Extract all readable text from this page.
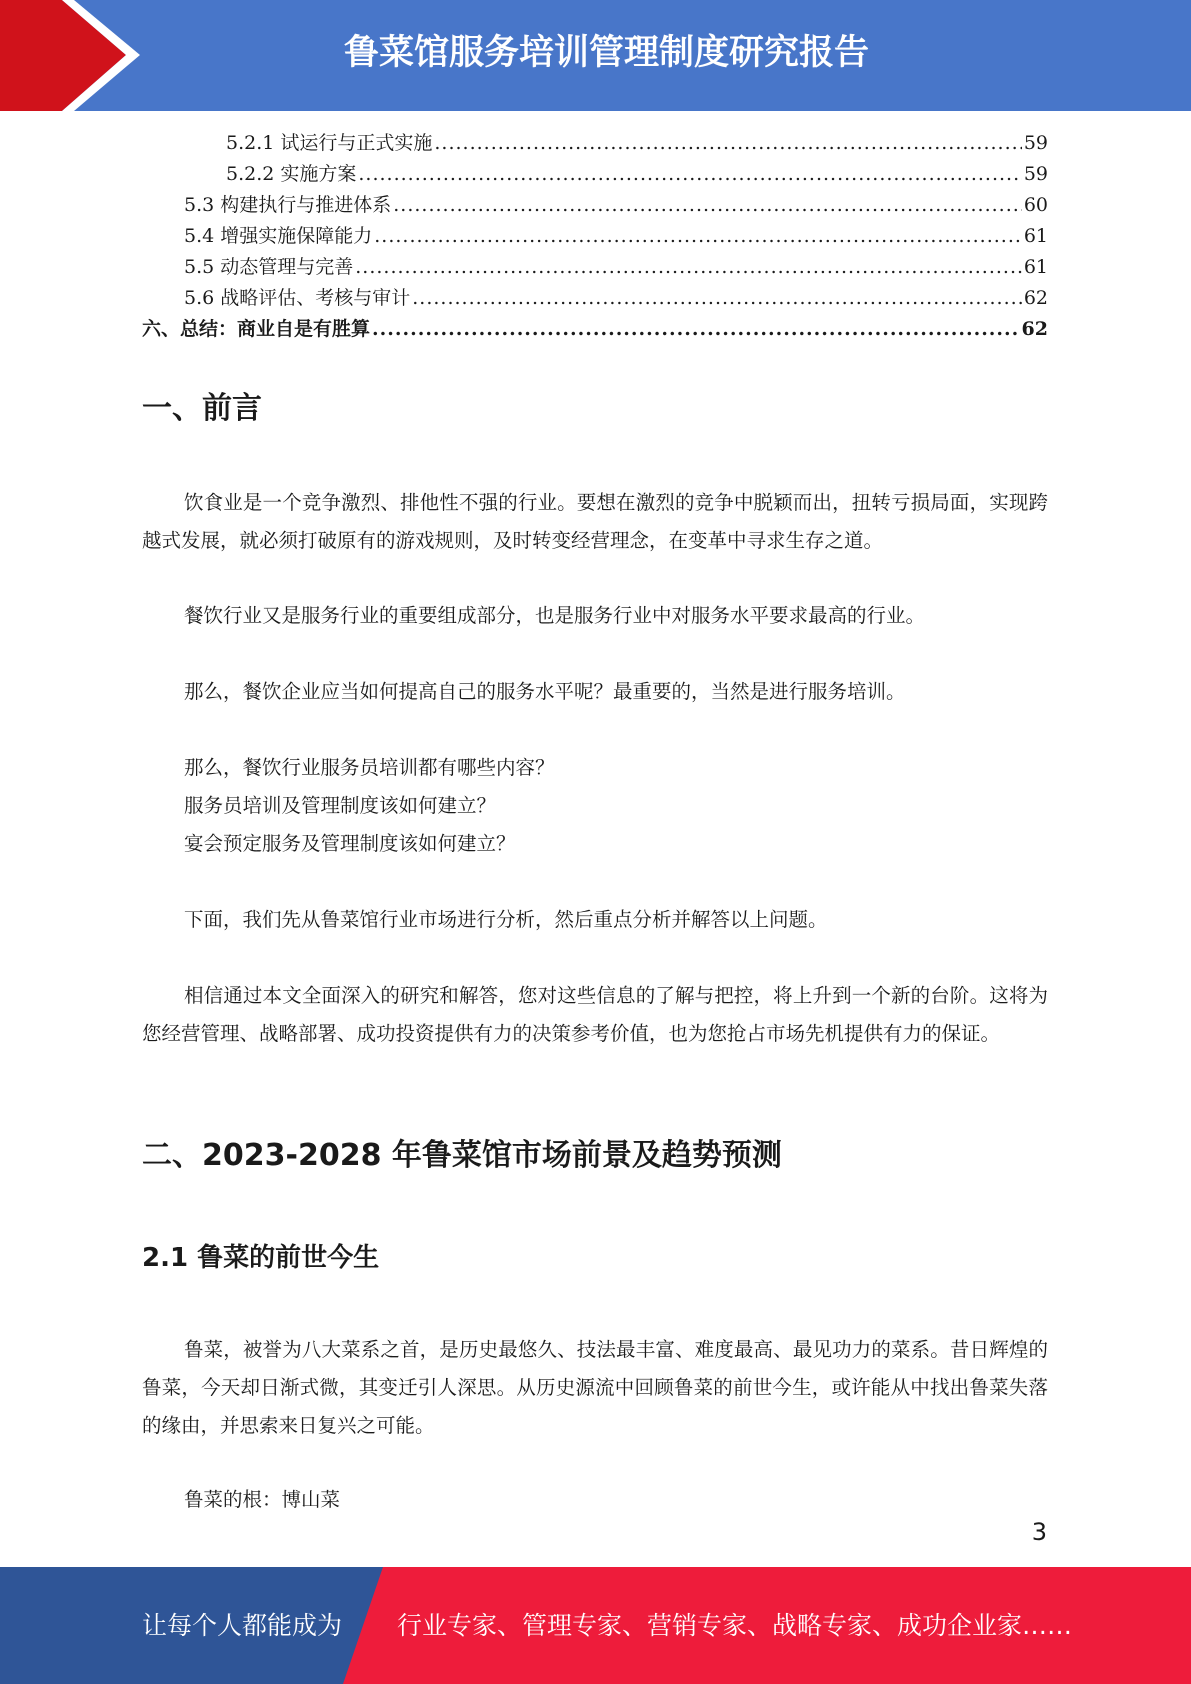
鲁菜馆服务培训管理制度研究报告
5.2.1 试运行与正式实施 .....	59
5.2.2 实施方案 .....	59
5.3 构建执行与推进体系 .....	60
5.4 增强实施保障能力 .....	61
5.5 动态管理与完善 .....	61
5.6 战略评估、考核与审计 .....	62
六、总结：商业自是有胜算 .....	62
一、前言

饮食业是一个竞争激烈、排他性不强的行业。要想在激烈的竞争中脱颖而出，扭转亏损局面，实现跨越式发展，就必须打破原有的游戏规则，及时转变经营理念，在变革中寻求生存之道。

餐饮行业又是服务行业的重要组成部分，也是服务行业中对服务水平要求最高的行业。

那么，餐饮企业应当如何提高自己的服务水平呢？最重要的，当然是进行服务培训。

那么，餐饮行业服务员培训都有哪些内容？

服务员培训及管理制度该如何建立？

宴会预定服务及管理制度该如何建立？

下面，我们先从鲁菜馆行业市场进行分析，然后重点分析并解答以上问题。

相信通过本文全面深入的研究和解答，您对这些信息的了解与把控，将上升到一个新的台阶。这将为您经营管理、战略部署、成功投资提供有力的决策参考价值，也为您抢占市场先机提供有力的保证。

二、2023-2028 年鲁菜馆市场前景及趋势预测
2.1 鲁菜的前世今生

鲁菜，被誉为八大菜系之首，是历史最悠久、技法最丰富、难度最高、最见功力的菜系。昔日辉煌的鲁菜，今天却日渐式微，其变迁引人深思。从历史源流中回顾鲁菜的前世今生，或许能从中找出鲁菜失落的缘由，并思索来日复兴之可能。

鲁菜的根：博山菜

3
让每个人都能成为 行业专家、管理专家、营销专家、战略专家、成功企业家……
